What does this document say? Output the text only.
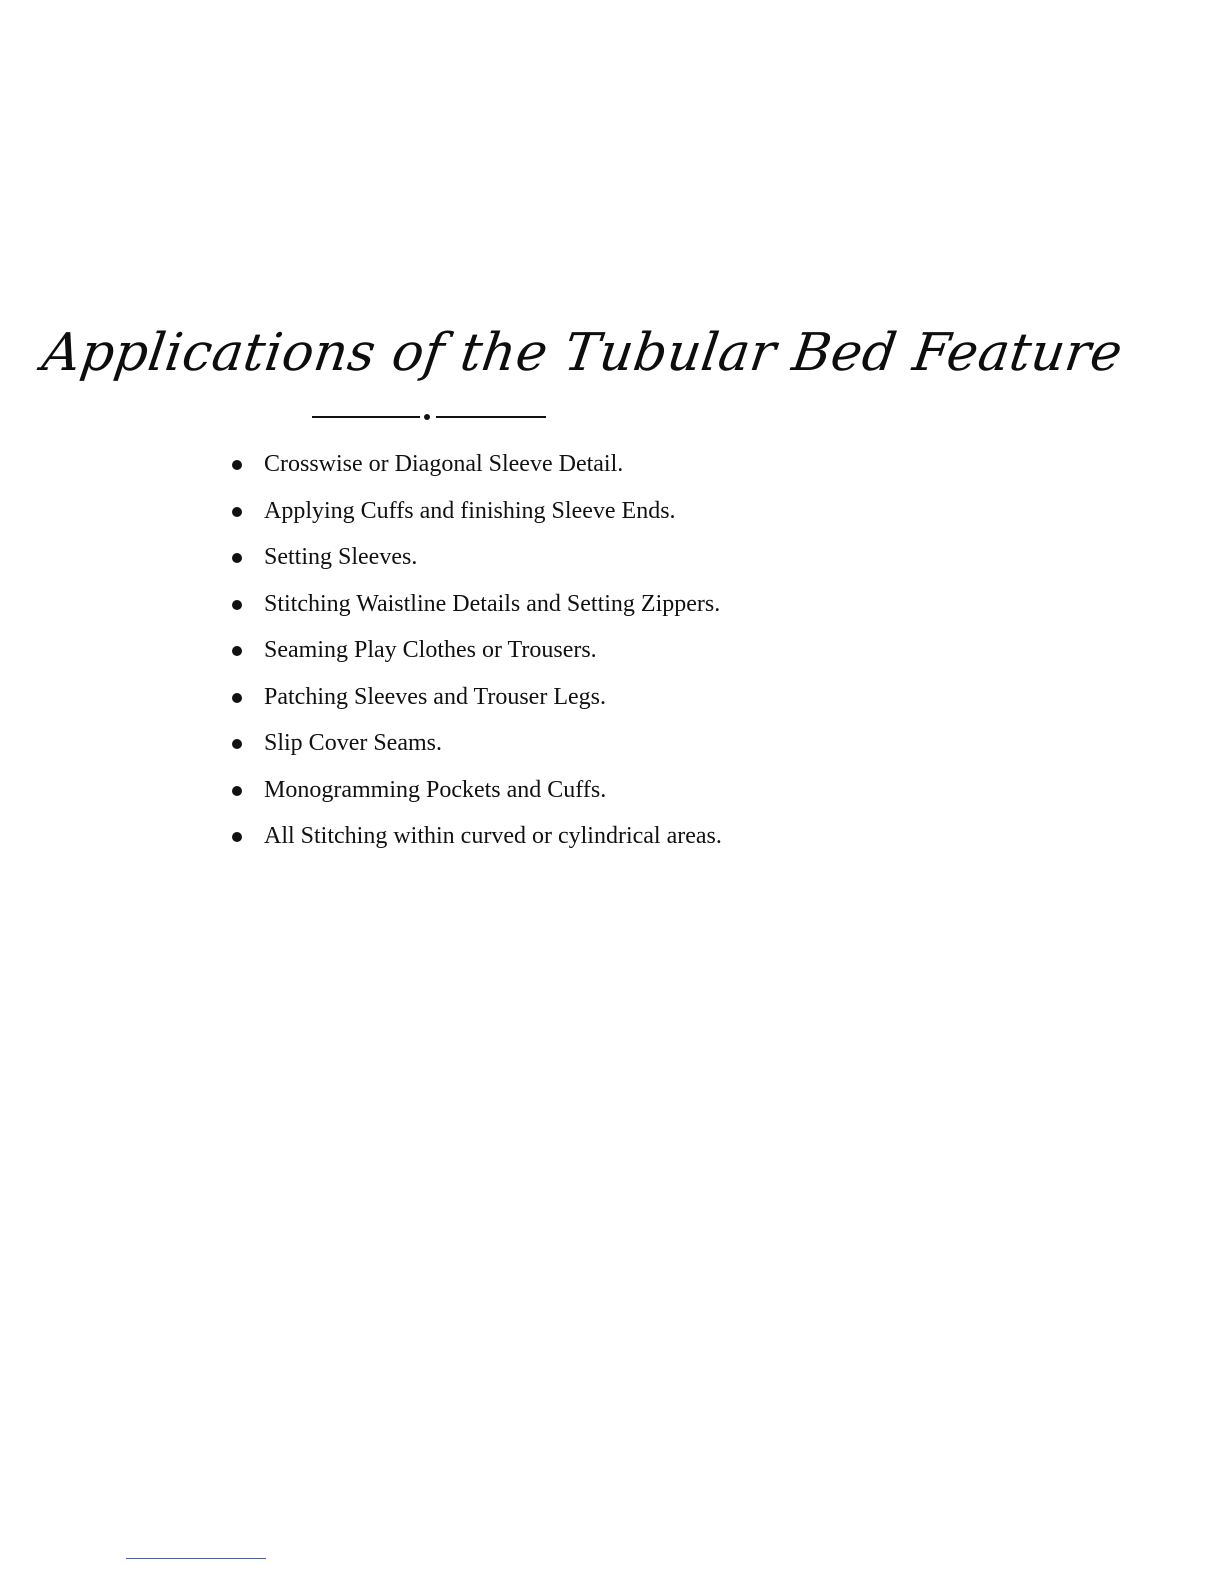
Applications of the Tubular Bed Feature
Crosswise or Diagonal Sleeve Detail.
Applying Cuffs and finishing Sleeve Ends.
Setting Sleeves.
Stitching Waistline Details and Setting Zippers.
Seaming Play Clothes or Trousers.
Patching Sleeves and Trouser Legs.
Slip Cover Seams.
Monogramming Pockets and Cuffs.
All Stitching within curved or cylindrical areas.
